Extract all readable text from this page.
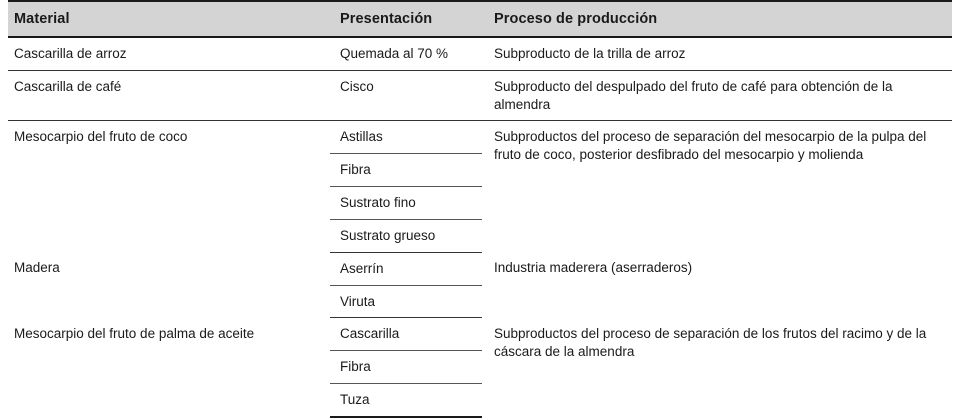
Material	Presentación	Proceso de producción
Cascarilla de arroz	Quemada al 70 %	Subproducto de la trilla de arroz
Cascarilla de café	Cisco	Subproducto del despulpado del fruto de café para obtención de la almendra
Mesocarpio del fruto de coco	Astillas	Subproductos del proceso de separación del mesocarpio de la pulpa del fruto de coco, posterior desfibrado del mesocarpio y molienda
	Fibra	
	Sustrato fino	
	Sustrato grueso	
Madera	Aserrín	Industria maderera (aserraderos)
	Viruta	
Mesocarpio del fruto de palma de aceite	Cascarilla	Subproductos del proceso de separación de los frutos del racimo y de la cáscara de la almendra
	Fibra	
	Tuza	
